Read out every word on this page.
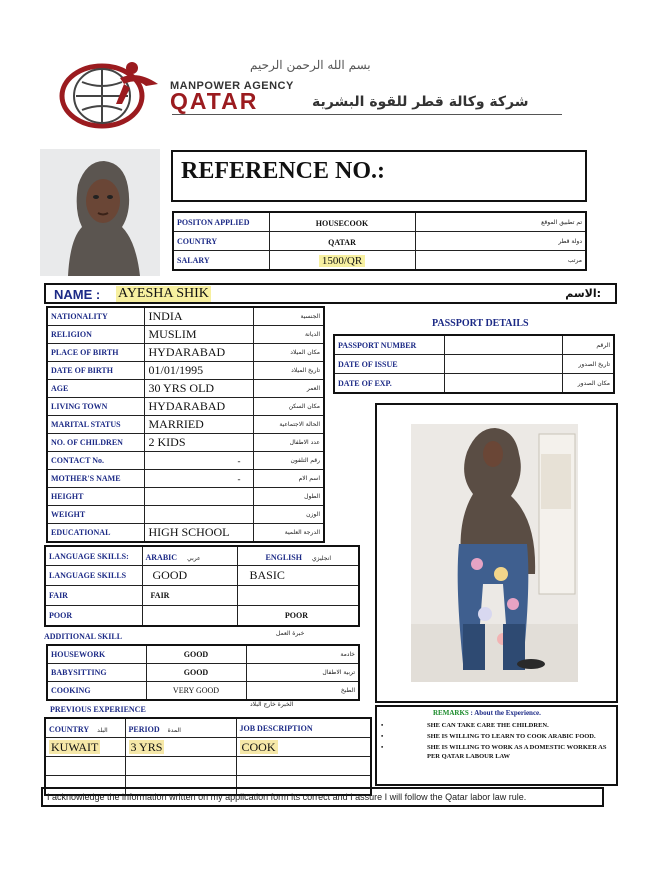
بسم الله الرحمن الرحيم
MANPOWER AGENCY
QATAR	شركة وكالة قطر للقوة البشرية
REFERENCE NO.:
POSITON APPLIED	HOUSECOOK	تم تطبيق الموقع
COUNTRY	QATAR	دولة قطر
SALARY	1500/QR	مرتب
NAME : AYESHA SHIK	الاسم:
NATIONALITY	INDIA	الجنسية
RELIGION	MUSLIM	الديانة
PLACE OF BIRTH	HYDARABAD	مكان الميلاد
DATE OF BIRTH	01/01/1995	تاريخ الميلاد
AGE	30 YRS OLD	العمر
LIVING TOWN	HYDARABAD	مكان السكن
MARITAL STATUS	MARRIED	الحالة الاجتماعية
NO. OF CHILDREN	2 KIDS	عدد الاطفال
CONTACT No.	-	رقم التلفون
MOTHER'S NAME	-	اسم الام
HEIGHT		الطول
WEIGHT		الوزن
EDUCATIONAL	HIGH SCHOOL	الدرجة العلمية
PASSPORT DETAILS
PASSPORT NUMBER		الرقم
DATE OF ISSUE		تاريخ الصدور
DATE OF EXP.		مكان الصدور
LANGUAGE SKILLS:	ARABIC عربي	ENGLISH انجليزي
LANGUAGE SKILLS	GOOD	BASIC
FAIR	FAIR	
POOR		POOR
ADDITIONAL SKILL	خبرة العمل
HOUSEWORK	GOOD	خادمة
BABYSITTING	GOOD	تربية الاطفال
COOKING	VERY GOOD	الطبخ
PREVIOUS EXPERIENCE
الخبرة خارج البلاد
COUNTRY البلد	PERIOD المدة	JOB DESCRIPTION
KUWAIT	3 YRS	COOK

REMARKS : About the Experience.
•	SHE CAN TAKE CARE THE CHILDREN.
•	SHE IS WILLING TO LEARN TO COOK ARABIC FOOD.
•	SHE IS WILLING TO WORK AS A DOMESTIC WORKER AS PER QATAR LABOUR LAW
I acknowledge the information written on my application form its correct and I assure I will follow the Qatar labor law rule.
